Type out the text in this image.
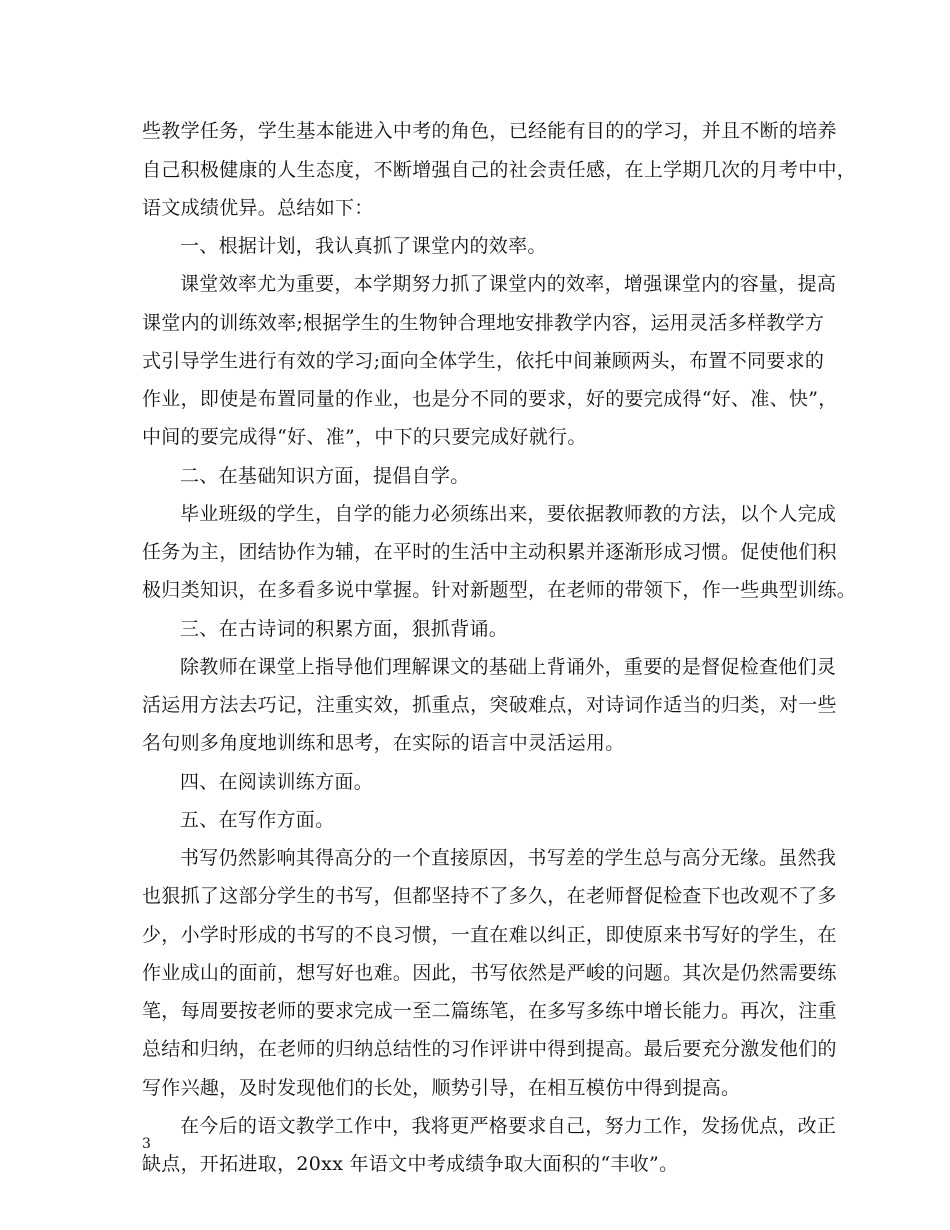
些教学任务，学生基本能进入中考的角色，已经能有目的的学习，并且不断的培养
自己积极健康的人生态度，不断增强自己的社会责任感，在上学期几次的月考中中，
语文成绩优异。总结如下：
一、根据计划，我认真抓了课堂内的效率。
课堂效率尤为重要，本学期努力抓了课堂内的效率，增强课堂内的容量，提高
课堂内的训练效率;根据学生的生物钟合理地安排教学内容，运用灵活多样教学方
式引导学生进行有效的学习;面向全体学生，依托中间兼顾两头，布置不同要求的
作业，即使是布置同量的作业，也是分不同的要求，好的要完成得“好、准、快”，
中间的要完成得“好、准”，中下的只要完成好就行。
二、在基础知识方面，提倡自学。
毕业班级的学生，自学的能力必须练出来，要依据教师教的方法，以个人完成
任务为主，团结协作为辅，在平时的生活中主动积累并逐渐形成习惯。促使他们积
极归类知识，在多看多说中掌握。针对新题型，在老师的带领下，作一些典型训练。
三、在古诗词的积累方面，狠抓背诵。
除教师在课堂上指导他们理解课文的基础上背诵外，重要的是督促检查他们灵
活运用方法去巧记，注重实效，抓重点，突破难点，对诗词作适当的归类，对一些
名句则多角度地训练和思考，在实际的语言中灵活运用。
四、在阅读训练方面。
五、在写作方面。
书写仍然影响其得高分的一个直接原因，书写差的学生总与高分无缘。虽然我
也狠抓了这部分学生的书写，但都坚持不了多久，在老师督促检查下也改观不了多
少，小学时形成的书写的不良习惯，一直在难以纠正，即使原来书写好的学生，在
作业成山的面前，想写好也难。因此，书写依然是严峻的问题。其次是仍然需要练
笔，每周要按老师的要求完成一至二篇练笔，在多写多练中增长能力。再次，注重
总结和归纳，在老师的归纳总结性的习作评讲中得到提高。最后要充分激发他们的
写作兴趣，及时发现他们的长处，顺势引导，在相互模仿中得到提高。
在今后的语文教学工作中，我将更严格要求自己，努力工作，发扬优点，改正
缺点，开拓进取，20xx 年语文中考成绩争取大面积的“丰收”。
3
